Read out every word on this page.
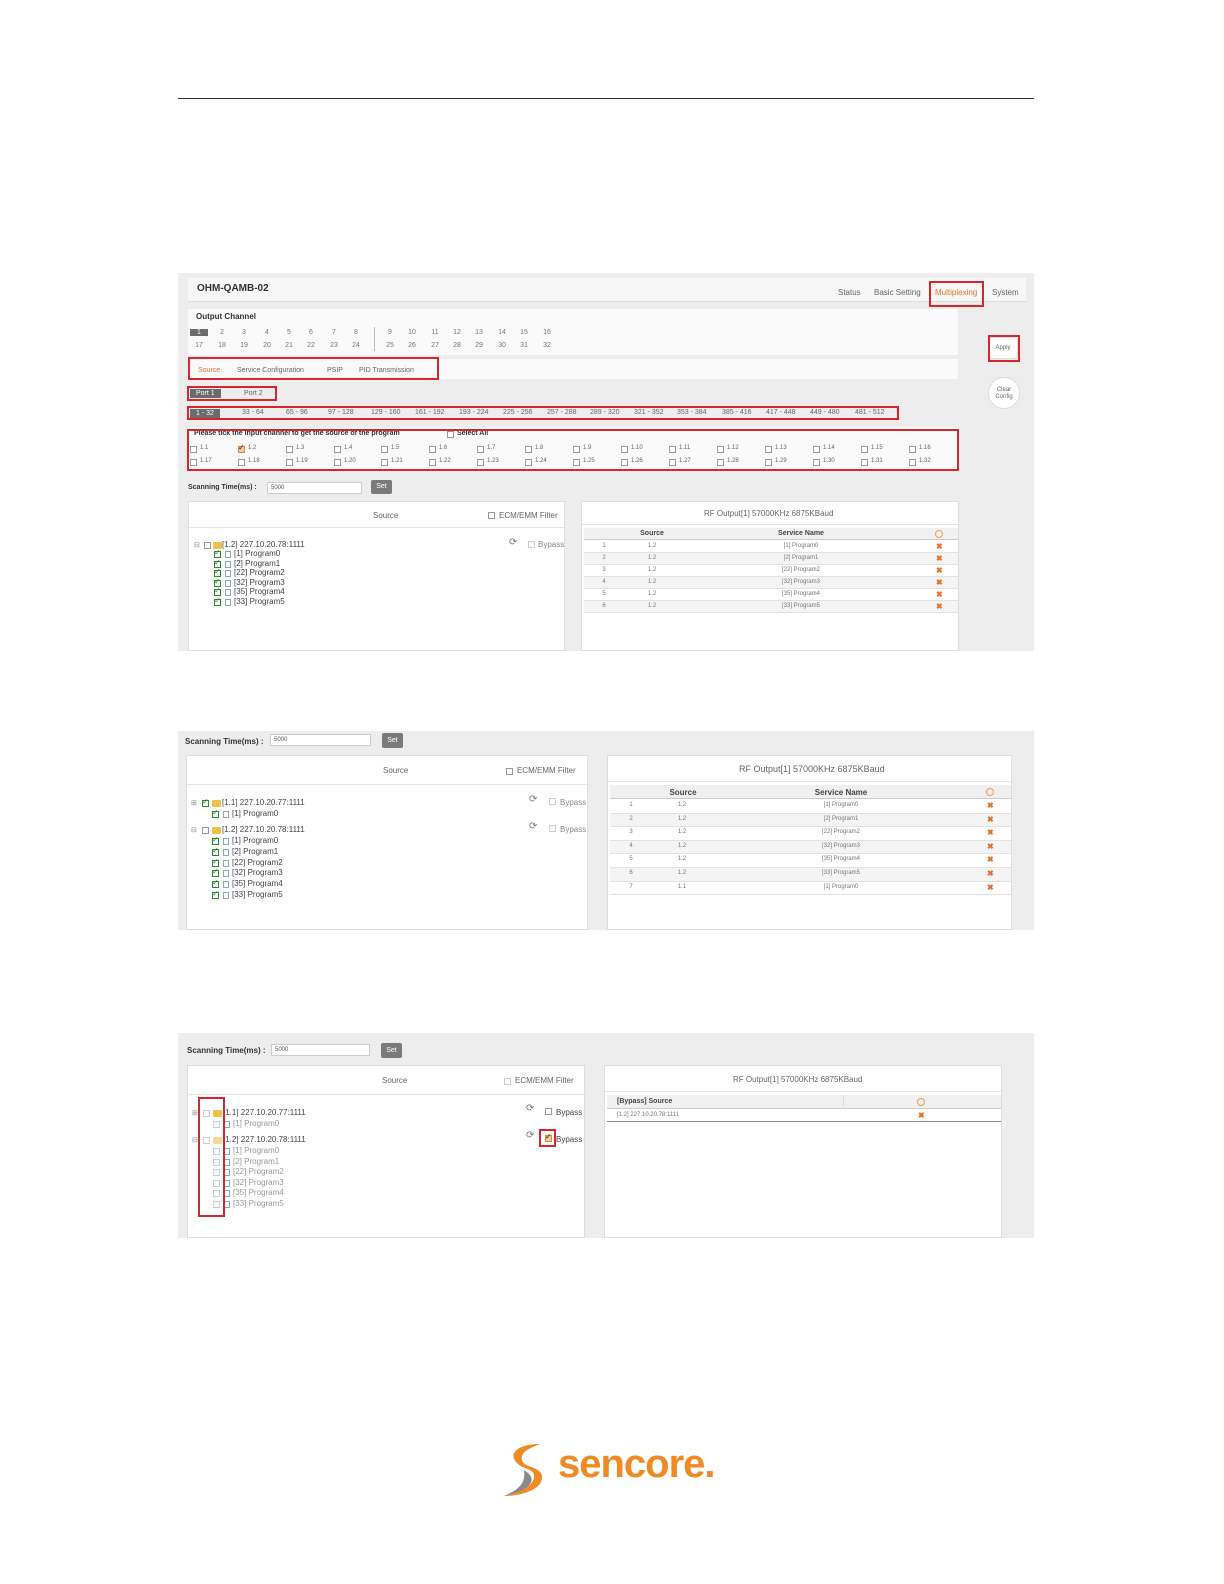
OHM-QAMB-02	Status Basic Setting Multiplexing System
Output Channel
Source Service Configuration	PSIP PID Transmission
Port 1	Port 2
Please tick the input channel to get the source of the program	Select All
Apply
Clear
Config
Scanning Time(ms) :	5000	Set
Source	ECM/EMM Filter
⊟	[1.2] 227.10.20.78:1111	⟳	Bypass
✓
[1] Program0
✓
[2] Program1
✓
[22] Program2
✓
[32] Program3
✓
[35] Program4
✓
[33] Program5
RF Output[1] 57000KHz 6875KBaud
Source	Service Name
1	1.2	[1] Program0	✖
2	1.2	[2] Program1	✖
3	1.2	[22] Program2	✖
4	1.2	[32] Program3	✖
5	1.2	[35] Program4	✖
6	1.2	[33] Program5	✖
1	2	3	4	5	6	7	8	9	10	11	12	13	14	15	16
17	18	19	20	21	22	23	24	25	26	27	28	29	30	31	32
1 - 32	33 - 64	65 - 96	97 - 128 129 - 160 161 - 192 193 - 224 225 - 256 257 - 288 289 - 320 321 - 352 353 - 384 385 - 416 417 - 448 449 - 480 481 - 512
1.1 ✓	1.2	1.3	1.4	1.5	1.6	1.7	1.8	1.9	1.10	1.11	1.12	1.13	1.14	1.15	1.16
1.17	1.18	1.19	1.20	1.21	1.22	1.23	1.24	1.25	1.26	1.27	1.28	1.29	1.30	1.31	1.32
Scanning Time(ms) :	5000	Set
Source	ECM/EMM Filter
⊞ ✓	[1.1] 227.10.20.77:1111	⟳	Bypass
✓
[1] Program0
⊟	[1.2] 227.10.20.78:1111	⟳	Bypass
✓
[1] Program0
✓
[2] Program1
✓
[22] Program2
✓
[32] Program3
✓
[35] Program4
✓
[33] Program5
RF Output[1] 57000KHz 6875KBaud
Source	Service Name
1	1.2	[1] Program0	✖
2	1.2	[2] Program1	✖
3	1.2	[22] Program2	✖
4	1.2	[32] Program3	✖
5	1.2	[35] Program4	✖
6	1.2	[33] Program5	✖
7	1.1	[1] Program0	✖
Scanning Time(ms) :	5000	Set
Source	ECM/EMM Filter
⊞	[1.1] 227.10.20.77:1111	⟳	Bypass
[1] Program0
⊟	[1.2] 227.10.20.78:1111	⟳ ✓	Bypass
[1] Program0
[2] Program1
[22] Program2
[32] Program3
[35] Program4
[33] Program5
RF Output[1] 57000KHz 6875KBaud
[Bypass] Source
[1.2] 227.10.20.78:1111	✖
sencore.
